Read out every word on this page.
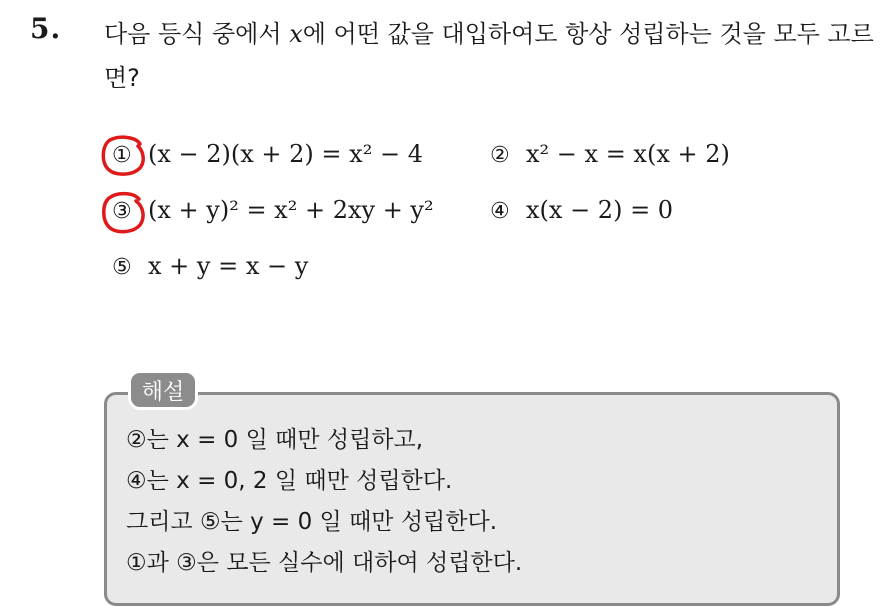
5. 다음 등식 중에서 x에 어떤 값을 대입하여도 항상 성립하는 것을 모두 고르면?
① (x − 2)(x + 2) = x² − 4	② x² − x = x(x + 2)
③ (x + y)² = x² + 2xy + y²	④ x(x − 2) = 0
⑤ x + y = x − y
해설
②는 x = 0 일 때만 성립하고,
④는 x = 0, 2 일 때만 성립한다.
그리고 ⑤는 y = 0 일 때만 성립한다.
①과 ③은 모든 실수에 대하여 성립한다.
